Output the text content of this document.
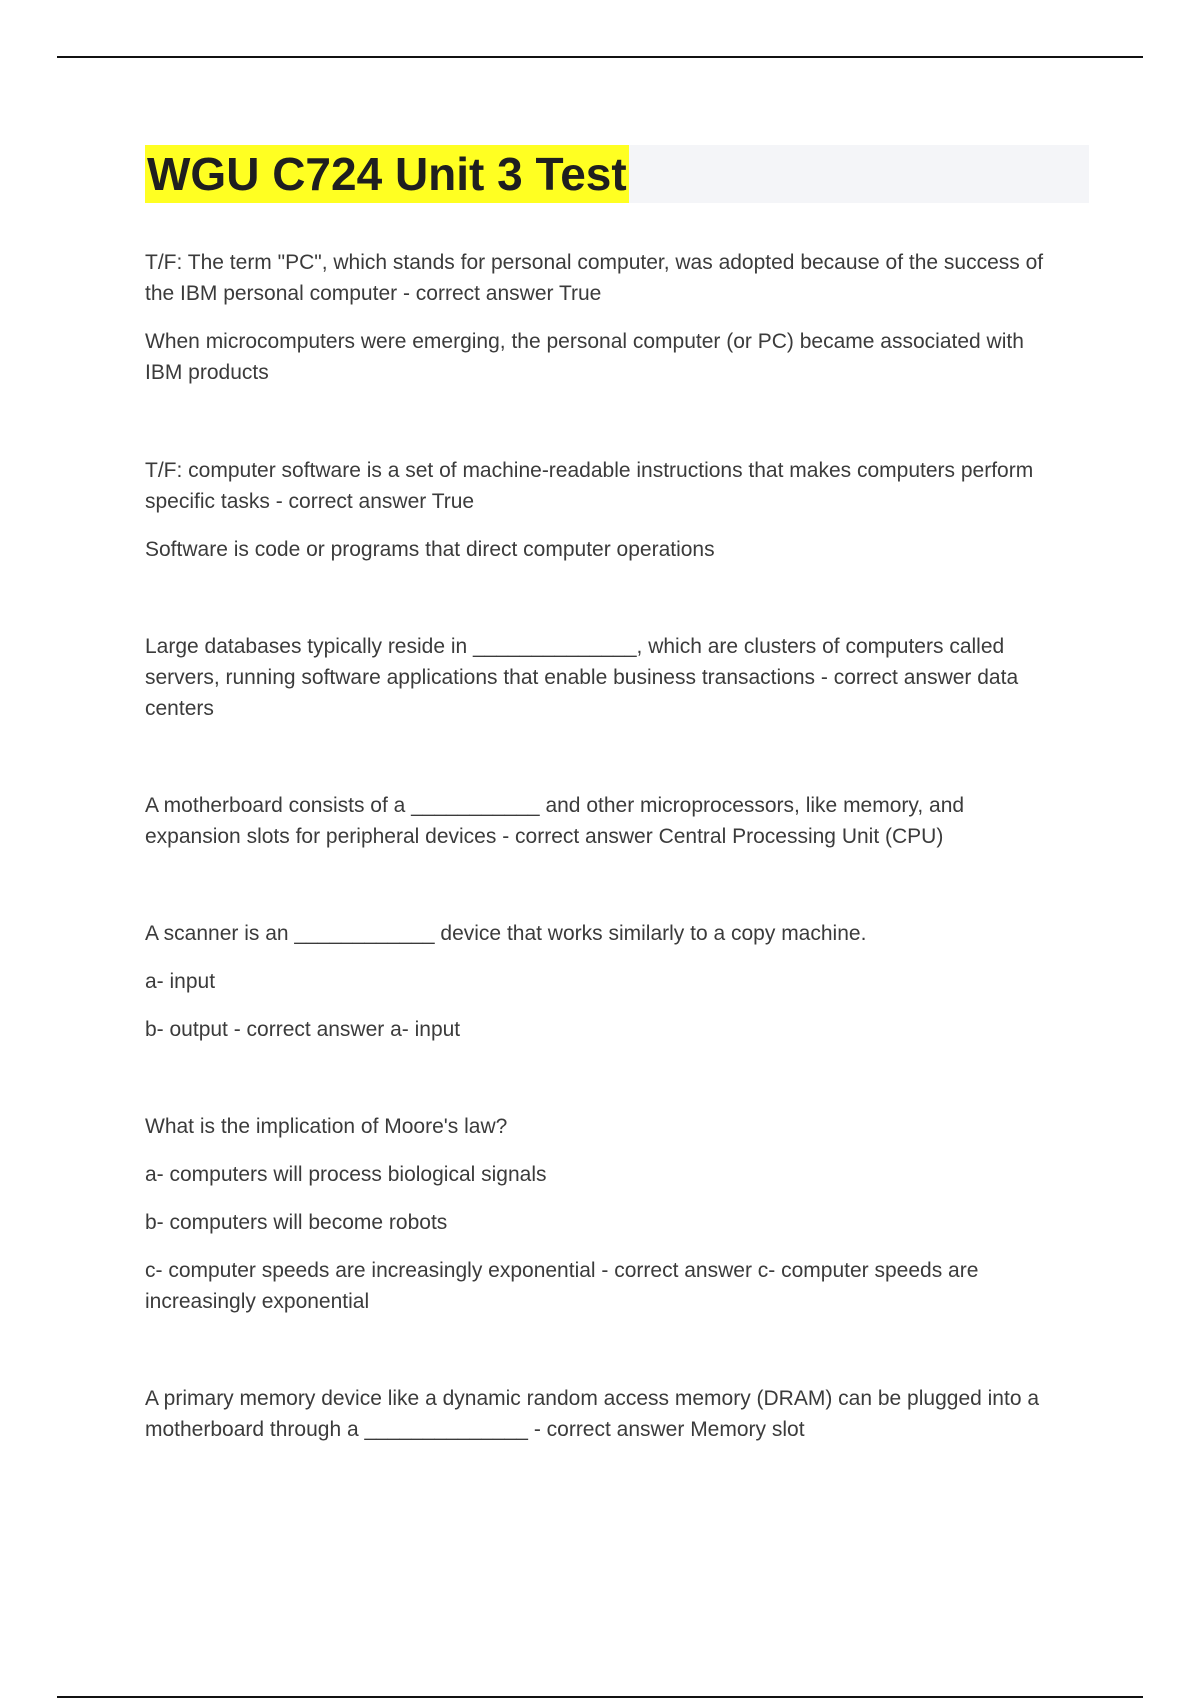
WGU C724 Unit 3 Test
T/F: The term "PC", which stands for personal computer, was adopted because of the success of
the IBM personal computer - correct answer True
When microcomputers were emerging, the personal computer (or PC) became associated with
IBM products
T/F: computer software is a set of machine-readable instructions that makes computers perform
specific tasks - correct answer True
Software is code or programs that direct computer operations
Large databases typically reside in ______________, which are clusters of computers called
servers, running software applications that enable business transactions - correct answer data
centers
A motherboard consists of a ___________ and other microprocessors, like memory, and
expansion slots for peripheral devices - correct answer Central Processing Unit (CPU)
A scanner is an ____________ device that works similarly to a copy machine.
a- input
b- output - correct answer a- input
What is the implication of Moore's law?
a- computers will process biological signals
b- computers will become robots
c- computer speeds are increasingly exponential - correct answer c- computer speeds are
increasingly exponential
A primary memory device like a dynamic random access memory (DRAM) can be plugged into a
motherboard through a ______________ - correct answer Memory slot
